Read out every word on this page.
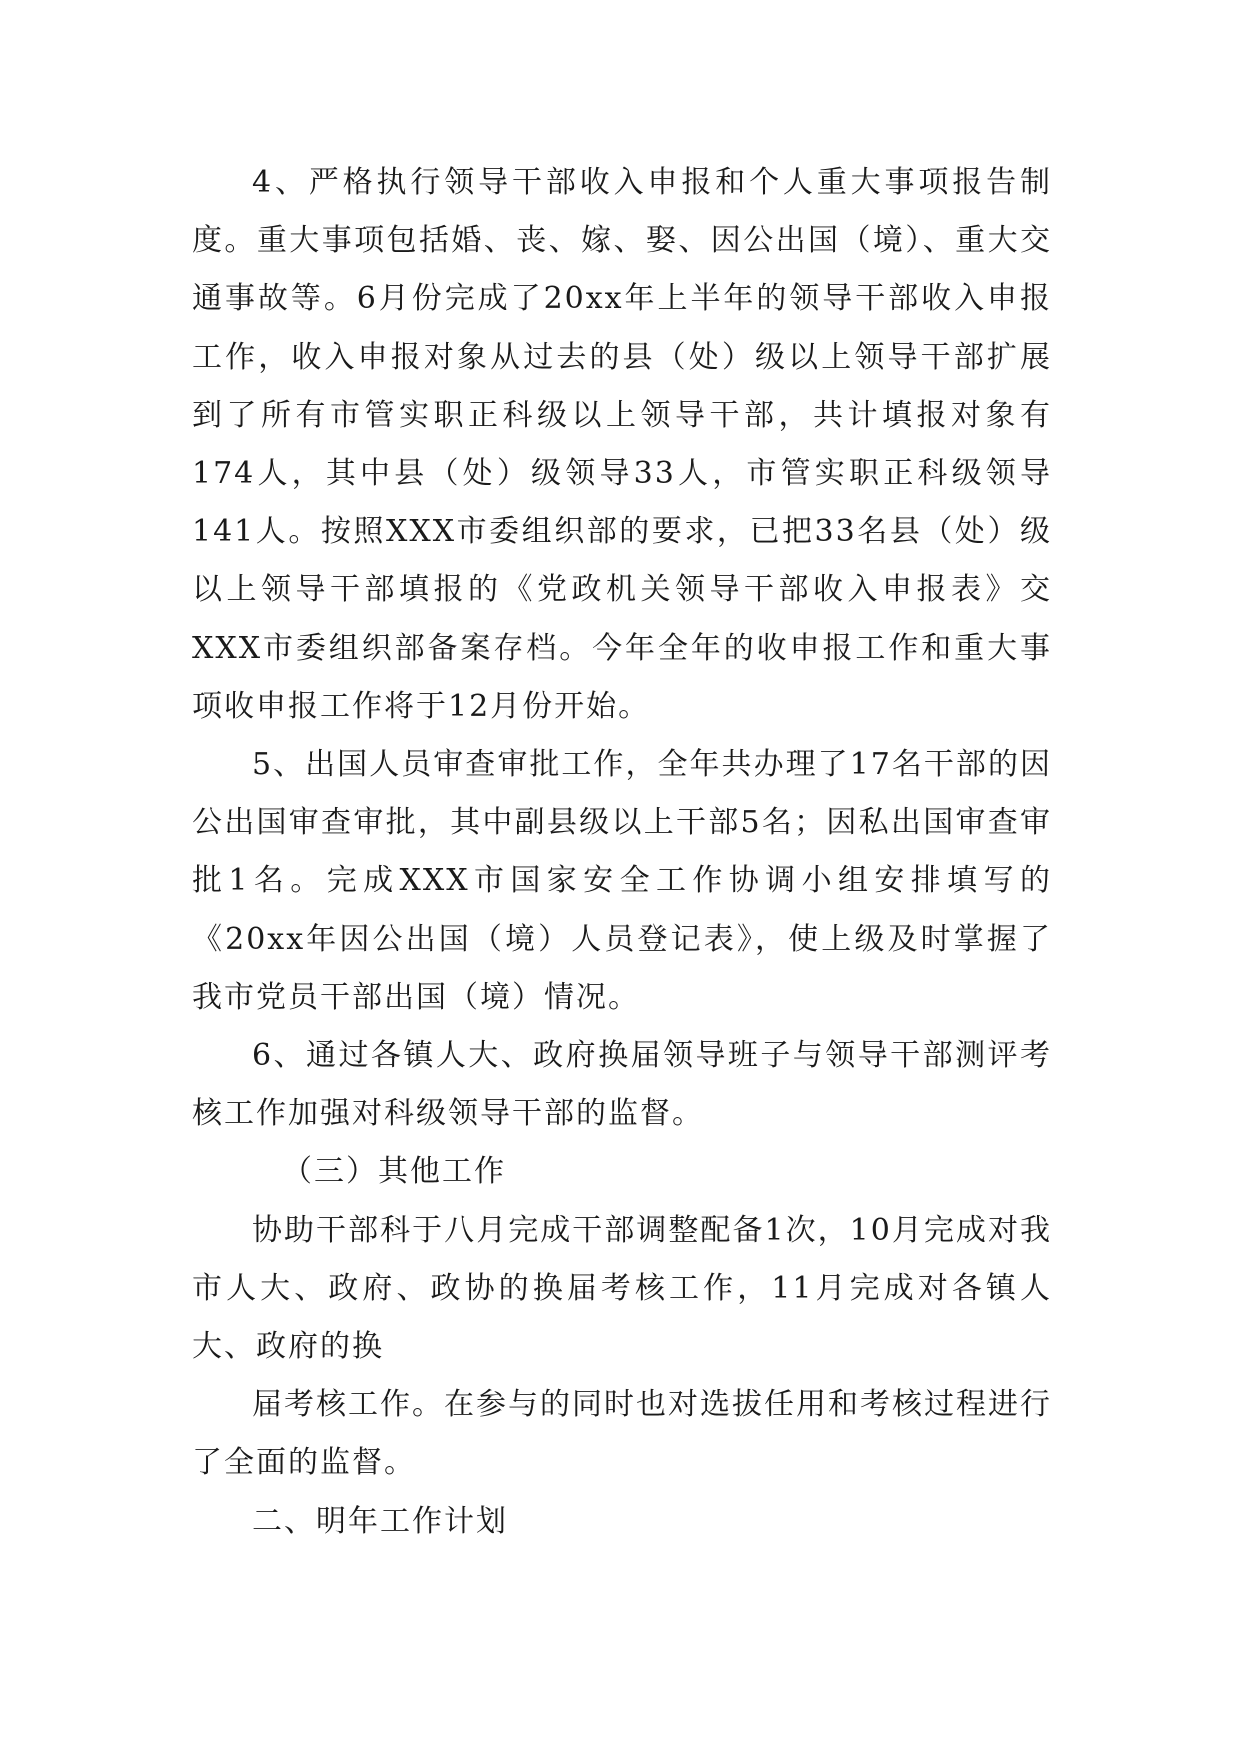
4、严格执行领导干部收入申报和个人重大事项报告制度。重大事项包括婚、丧、嫁、娶、因公出国（境）、重大交通事故等。6月份完成了20xx年上半年的领导干部收入申报工作，收入申报对象从过去的县（处）级以上领导干部扩展到了所有市管实职正科级以上领导干部，共计填报对象有174人，其中县（处）级领导33人，市管实职正科级领导141人。按照XXX市委组织部的要求，已把33名县（处）级以上领导干部填报的《党政机关领导干部收入申报表》交XXX市委组织部备案存档。今年全年的收申报工作和重大事项收申报工作将于12月份开始。

5、出国人员审查审批工作，全年共办理了17名干部的因公出国审查审批，其中副县级以上干部5名；因私出国审查审批1名。完成XXX市国家安全工作协调小组安排填写的《20xx年因公出国（境）人员登记表》，使上级及时掌握了我市党员干部出国（境）情况。

6、通过各镇人大、政府换届领导班子与领导干部测评考核工作加强对科级领导干部的监督。

（三）其他工作

协助干部科于八月完成干部调整配备1次，10月完成对我市人大、政府、政协的换届考核工作，11月完成对各镇人大、政府的换

届考核工作。在参与的同时也对选拔任用和考核过程进行了全面的监督。

二、明年工作计划
